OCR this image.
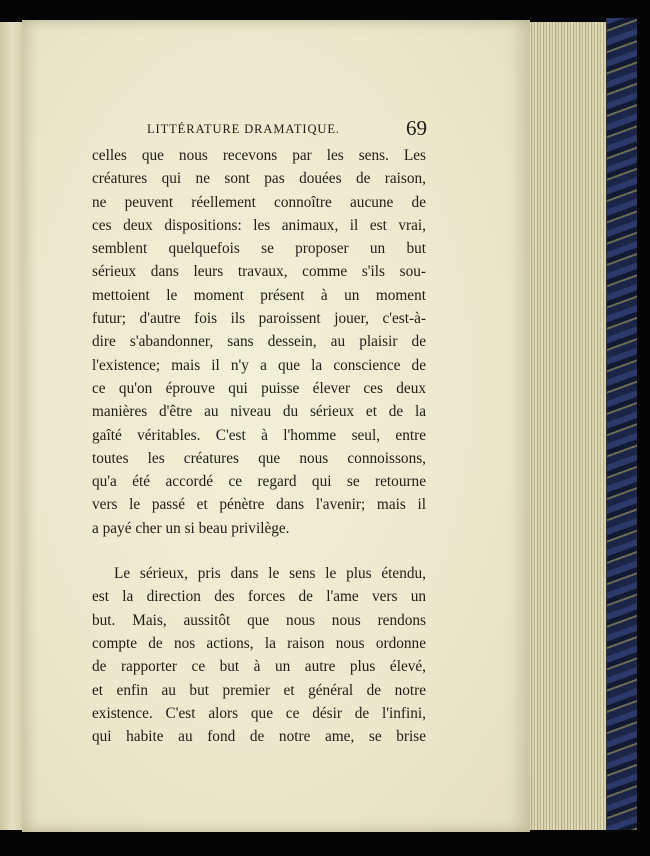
LITTÉRATURE DRAMATIQUE.	69
celles que nous recevons par les sens. Les
créatures qui ne sont pas douées de raison,
ne peuvent réellement connoître aucune de
ces deux dispositions: les animaux, il est vrai,
semblent quelquefois se proposer un but
sérieux dans leurs travaux, comme s'ils sou-
mettoient le moment présent à un moment
futur; d'autre fois ils paroissent jouer, c'est-à-
dire s'abandonner, sans dessein, au plaisir de
l'existence; mais il n'y a que la conscience de
ce qu'on éprouve qui puisse élever ces deux
manières d'être au niveau du sérieux et de la
gaîté véritables. C'est à l'homme seul, entre
toutes les créatures que nous connoissons,
qu'a été accordé ce regard qui se retourne
vers le passé et pénètre dans l'avenir; mais il
a payé cher un si beau privilège.
Le sérieux, pris dans le sens le plus étendu,
est la direction des forces de l'ame vers un
but. Mais, aussitôt que nous nous rendons
compte de nos actions, la raison nous ordonne
de rapporter ce but à un autre plus élevé,
et enfin au but premier et général de notre
existence. C'est alors que ce désir de l'infini,
qui habite au fond de notre ame, se brise
